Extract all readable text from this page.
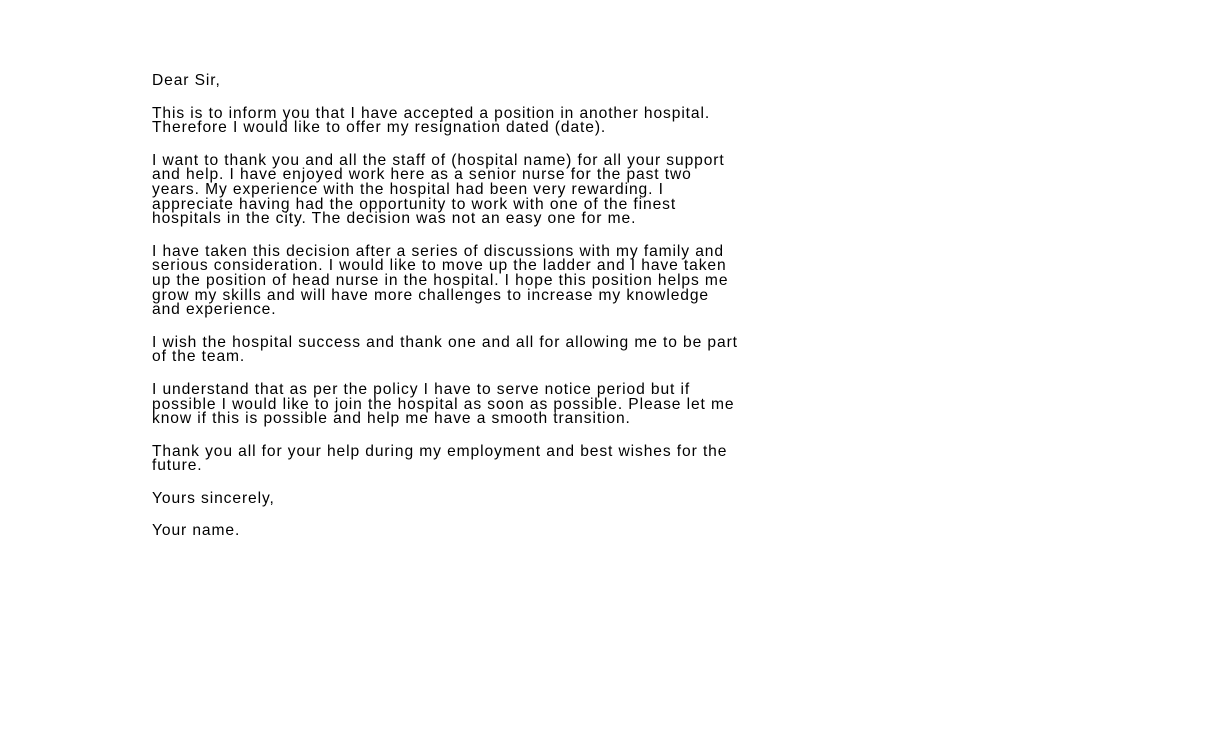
Dear Sir,

This is to inform you that I have accepted a position in another hospital.
Therefore I would like to offer my resignation dated (date).

I want to thank you and all the staff of (hospital name) for all your support
and help. I have enjoyed work here as a senior nurse for the past two
years. My experience with the hospital had been very rewarding. I
appreciate having had the opportunity to work with one of the finest
hospitals in the city. The decision was not an easy one for me.

I have taken this decision after a series of discussions with my family and
serious consideration. I would like to move up the ladder and I have taken
up the position of head nurse in the hospital. I hope this position helps me
grow my skills and will have more challenges to increase my knowledge
and experience.

I wish the hospital success and thank one and all for allowing me to be part
of the team.

I understand that as per the policy I have to serve notice period but if
possible I would like to join the hospital as soon as possible. Please let me
know if this is possible and help me have a smooth transition.

Thank you all for your help during my employment and best wishes for the
future.

Yours sincerely,

Your name.
